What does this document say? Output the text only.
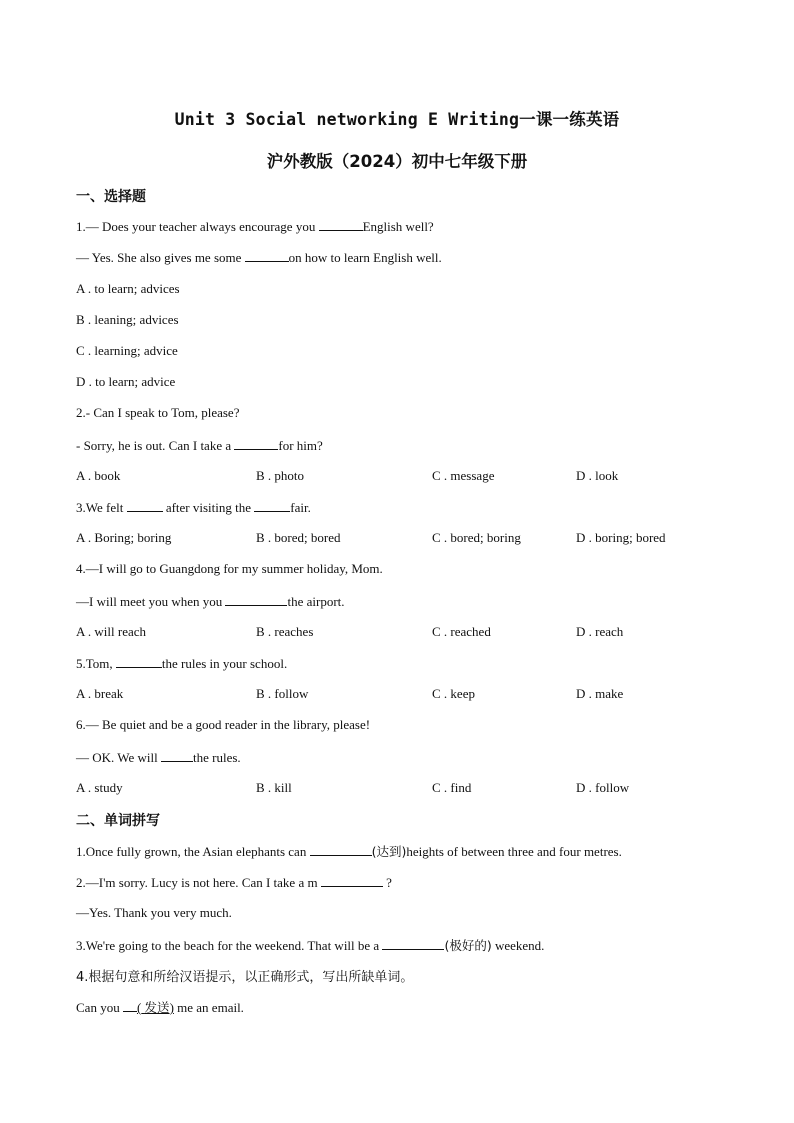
Unit 3 Social networking E Writing一课一练英语
沪外教版（2024）初中七年级下册
一、选择题
1.— Does your teacher always encourage you	English well?
— Yes. She also gives me some	on how to learn English well.
A . to learn; advices
B . leaning; advices
C . learning; advice
D . to learn; advice
2.- Can I speak to Tom, please?
- Sorry, he is out. Can I take a	for him?
A . book	B . photo	C . message	D . look
3.We felt	after visiting the	fair.
A . Boring; boring	B . bored; bored	C . bored; boring	D . boring; bored
4.—I will go to Guangdong for my summer holiday, Mom.
—I will meet you when you	the airport.
A . will reach	B . reaches	C . reached	D . reach
5.Tom,	the rules in your school.
A . break	B . follow	C . keep	D . make
6.— Be quiet and be a good reader in the library, please!
— OK. We will the rules.
A . study	B . kill	C . find	D . follow
二、单词拼写
1.Once fully grown, the Asian elephants can	(达到)heights of between three and four metres.
2.—I'm sorry. Lucy is not here. Can I take a m	?
—Yes. Thank you very much.
3.We're going to the beach for the weekend. That will be a	(极好的) weekend.
4.根据句意和所给汉语提示，以正确形式，写出所缺单词。
Can you ( 发送) me an email.
